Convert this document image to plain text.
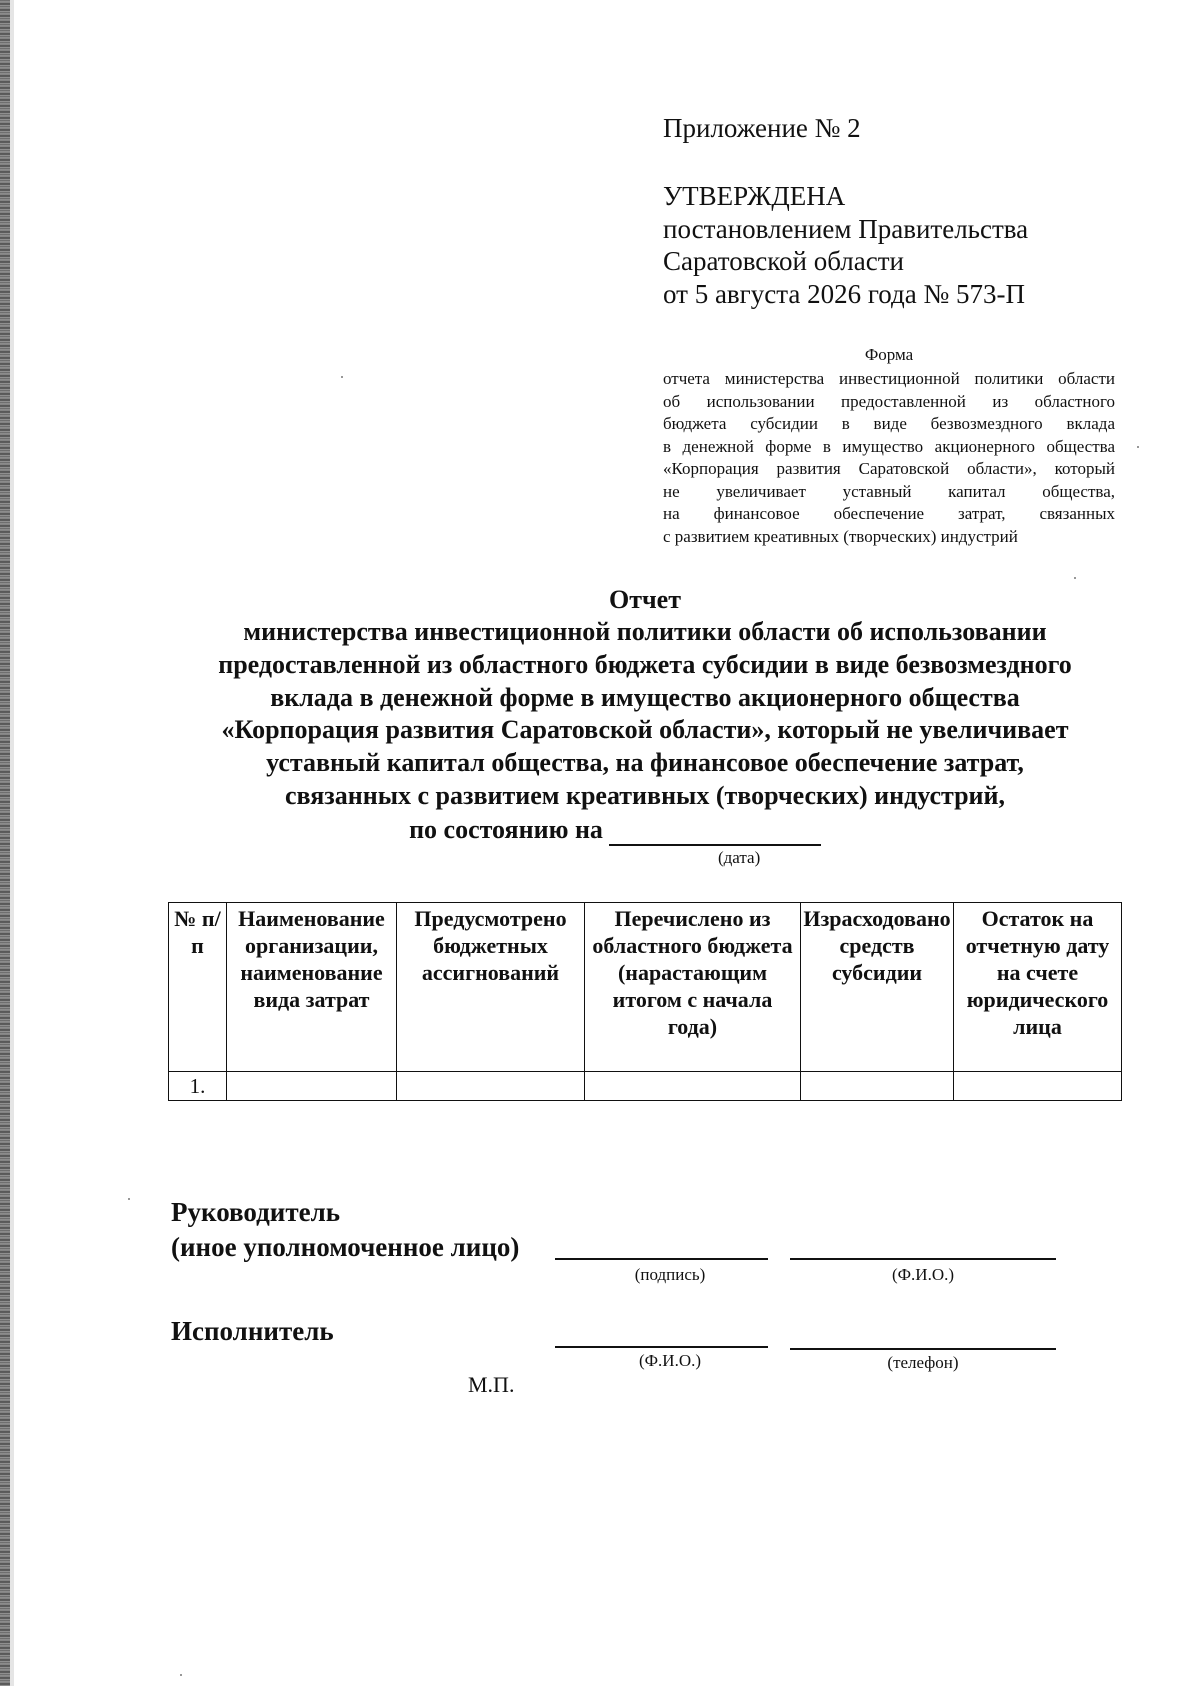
Приложение № 2
УТВЕРЖДЕНА
постановлением Правительства
Саратовской области
от 5 августа 2026 года № 573-П
Форма
отчета министерства инвестиционной политики области
об использовании предоставленной из областного
бюджета субсидии в виде безвозмездного вклада
в денежной форме в имущество акционерного общества
«Корпорация развития Саратовской области», который
не увеличивает уставный капитал общества,
на финансовое обеспечение затрат, связанных
с развитием креативных (творческих) индустрий
Отчет
министерства инвестиционной политики области об использовании
предоставленной из областного бюджета субсидии в виде безвозмездного
вклада в денежной форме в имущество акционерного общества
«Корпорация развития Саратовской области», который не увеличивает
уставный капитал общества, на финансовое обеспечение затрат,
связанных с развитием креативных (творческих) индустрий,
по состоянию на
(дата)
№ п/п	Наименование организации, наименование вида затрат	Предусмотрено бюджетных ассигнований	Перечислено из областного бюджета (нарастающим итогом с начала года)	Израсходовано средств субсидии	Остаток на отчетную дату на счете юридического лица
1.					
Руководитель
(иное уполномоченное лицо)
(подпись)	(Ф.И.О.)
Исполнитель
(Ф.И.О.)	(телефон)
М.П.
